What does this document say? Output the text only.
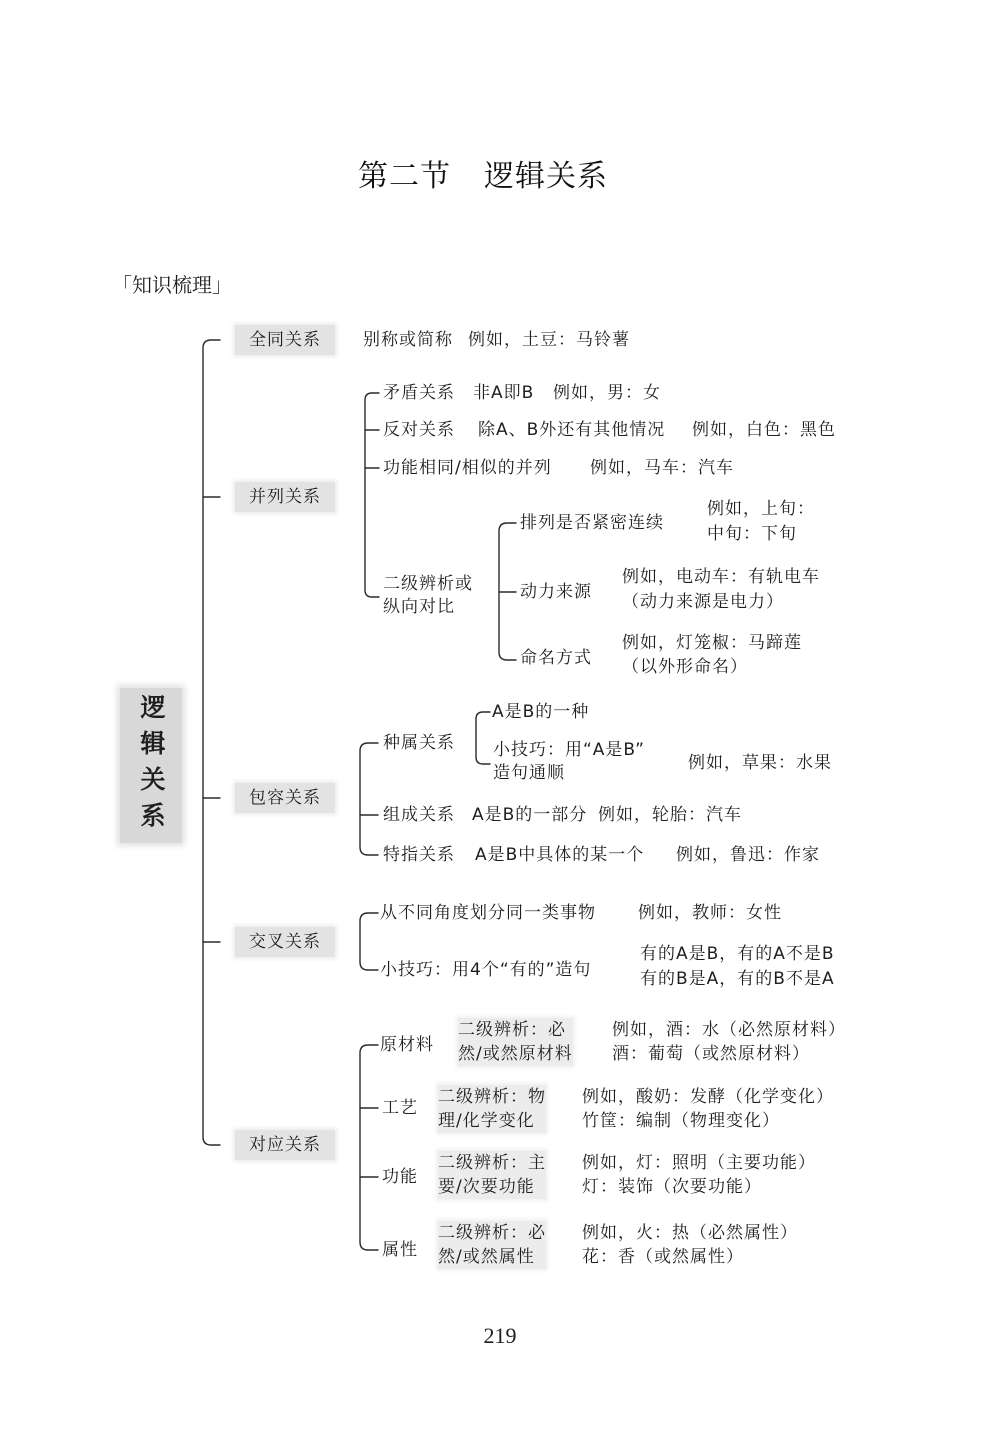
第二节 逻辑关系
「知识梳理」
逻辑关系
全同关系	别称或简称 例如，土豆：马铃薯
并列关系
矛盾关系 非A即B 例如，男：女
反对关系 除A、B外还有其他情况 例如，白色：黑色
功能相同/相似的并列 例如，马车：汽车
二级辨析或
纵向对比
排列是否紧密连续
例如，上旬：
中旬：下旬
动力来源
例如，电动车：有轨电车
（动力来源是电力）
命名方式
例如，灯笼椒：马蹄莲
（以外形命名）
包容关系
种属关系
A是B的一种
小技巧：用“A是B”
造句通顺	例如，草果：水果
组成关系 A是B的一部分 例如，轮胎：汽车
特指关系 A是B中具体的某一个 例如，鲁迅：作家
交叉关系
从不同角度划分同一类事物 例如，教师：女性
小技巧：用4个“有的”造句
有的A是B，有的A不是B
有的B是A，有的B不是A
对应关系
原材料
二级辨析：必
然/或然原材料
例如，酒：水（必然原材料）
酒：葡萄（或然原材料）
工艺
二级辨析：物
理/化学变化
例如，酸奶：发酵（化学变化）
竹筐：编制（物理变化）
功能
二级辨析：主
要/次要功能
例如，灯：照明（主要功能）
灯：装饰（次要功能）
属性
二级辨析：必
然/或然属性
例如，火：热（必然属性）
花：香（或然属性）
219
